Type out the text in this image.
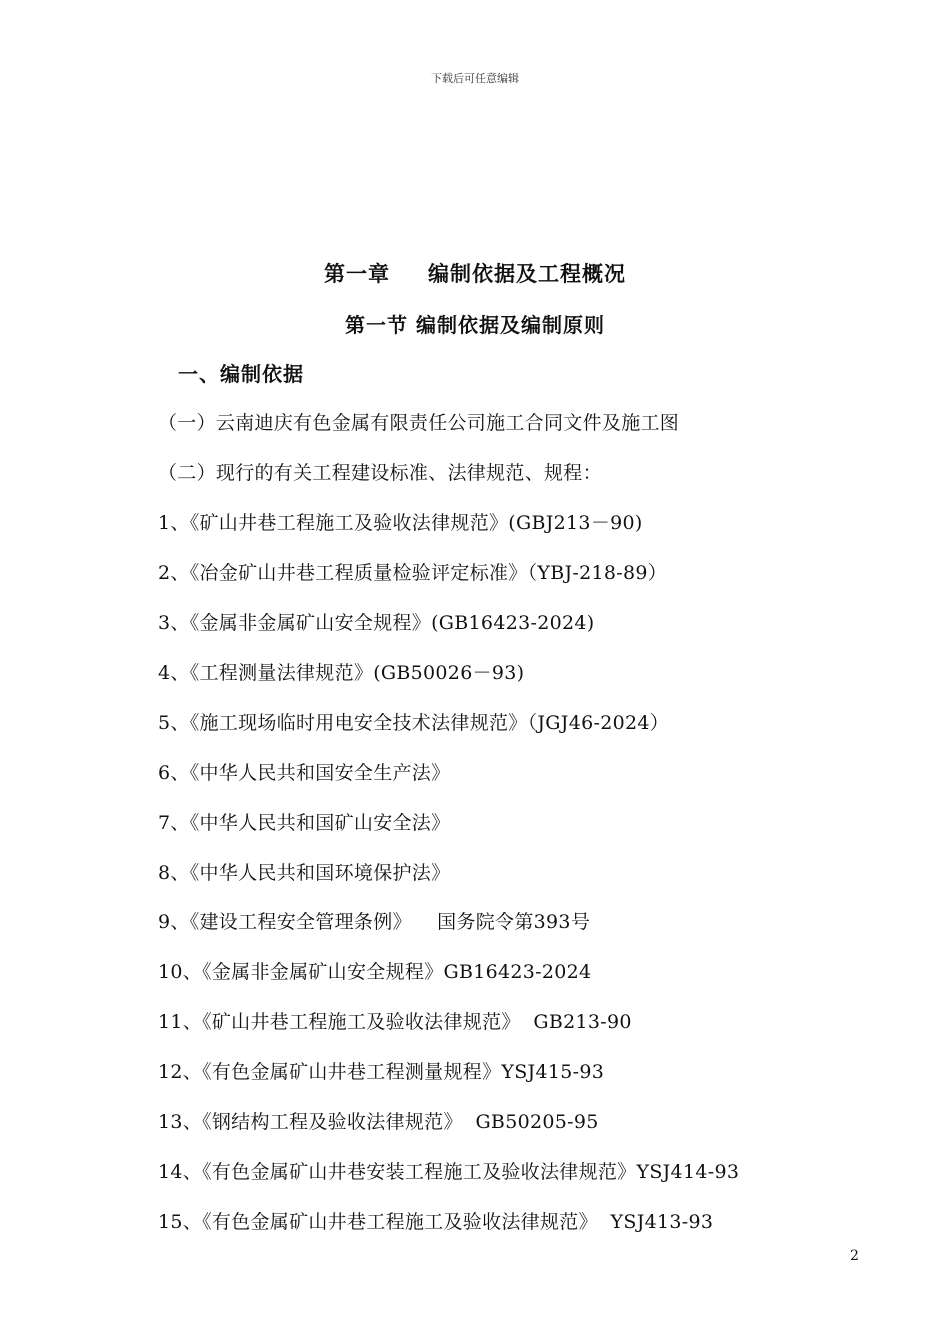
下载后可任意编辑
第一章 编制依据及工程概况
第一节 编制依据及编制原则
一、编制依据
（一）云南迪庆有色金属有限责任公司施工合同文件及施工图
（二）现行的有关工程建设标准、法律规范、规程：
1、《矿山井巷工程施工及验收法律规范》(GBJ213－90)
2、《冶金矿山井巷工程质量检验评定标准》（YBJ-218-89）
3、《金属非金属矿山安全规程》(GB16423-2024)
4、《工程测量法律规范》(GB50026－93)
5、《施工现场临时用电安全技术法律规范》（JGJ46-2024）
6、《中华人民共和国安全生产法》
7、《中华人民共和国矿山安全法》
8、《中华人民共和国环境保护法》
9、《建设工程安全管理条例》    国务院令第393号
10、《金属非金属矿山安全规程》GB16423-2024
11、《矿山井巷工程施工及验收法律规范》  GB213-90
12、《有色金属矿山井巷工程测量规程》YSJ415-93
13、《钢结构工程及验收法律规范》  GB50205-95
14、《有色金属矿山井巷安装工程施工及验收法律规范》YSJ414-93
15、《有色金属矿山井巷工程施工及验收法律规范》  YSJ413-93
2
